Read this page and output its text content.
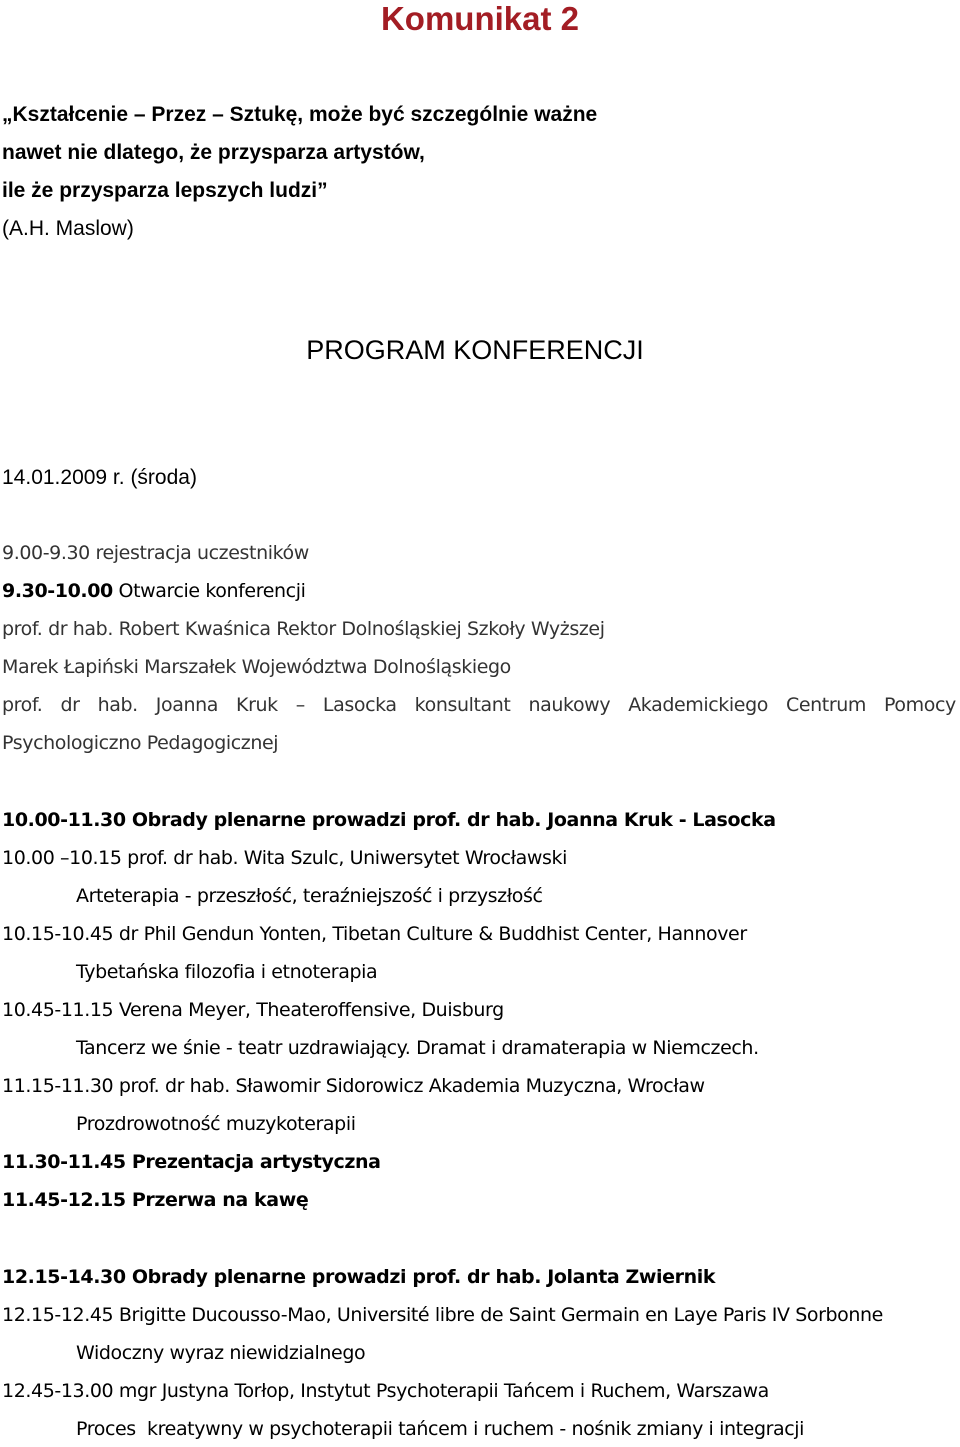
Komunikat 2
„Kształcenie – Przez – Sztukę, może być szczególnie ważne
nawet nie dlatego, że przysparza artystów,
ile że przysparza lepszych ludzi”
(A.H. Maslow)
PROGRAM KONFERENCJI
14.01.2009 r. (środa)
9.00-9.30 rejestracja uczestników
9.30-10.00 Otwarcie konferencji
prof. dr hab. Robert Kwaśnica Rektor Dolnośląskiej Szkoły Wyższej
Marek Łapiński Marszałek Województwa Dolnośląskiego
prof. dr hab. Joanna Kruk – Lasocka konsultant naukowy Akademickiego Centrum Pomocy
Psychologiczno Pedagogicznej
10.00-11.30 Obrady plenarne prowadzi prof. dr hab. Joanna Kruk - Lasocka
10.00 –10.15 prof. dr hab. Wita Szulc, Uniwersytet Wrocławski
Arteterapia - przeszłość, teraźniejszość i przyszłość
10.15-10.45 dr Phil Gendun Yonten, Tibetan Culture & Buddhist Center, Hannover
Tybetańska filozofia i etnoterapia
10.45-11.15 Verena Meyer, Theateroffensive, Duisburg
Tancerz we śnie - teatr uzdrawiający. Dramat i dramaterapia w Niemczech.
11.15-11.30 prof. dr hab. Sławomir Sidorowicz Akademia Muzyczna, Wrocław
Prozdrowotność muzykoterapii
11.30-11.45 Prezentacja artystyczna
11.45-12.15 Przerwa na kawę
12.15-14.30 Obrady plenarne prowadzi prof. dr hab. Jolanta Zwiernik
12.15-12.45 Brigitte Ducousso-Mao, Université libre de Saint Germain en Laye Paris IV Sorbonne
Widoczny wyraz niewidzialnego
12.45-13.00 mgr Justyna Torłop, Instytut Psychoterapii Tańcem i Ruchem, Warszawa
Proces  kreatywny w psychoterapii tańcem i ruchem - nośnik zmiany i integracji
